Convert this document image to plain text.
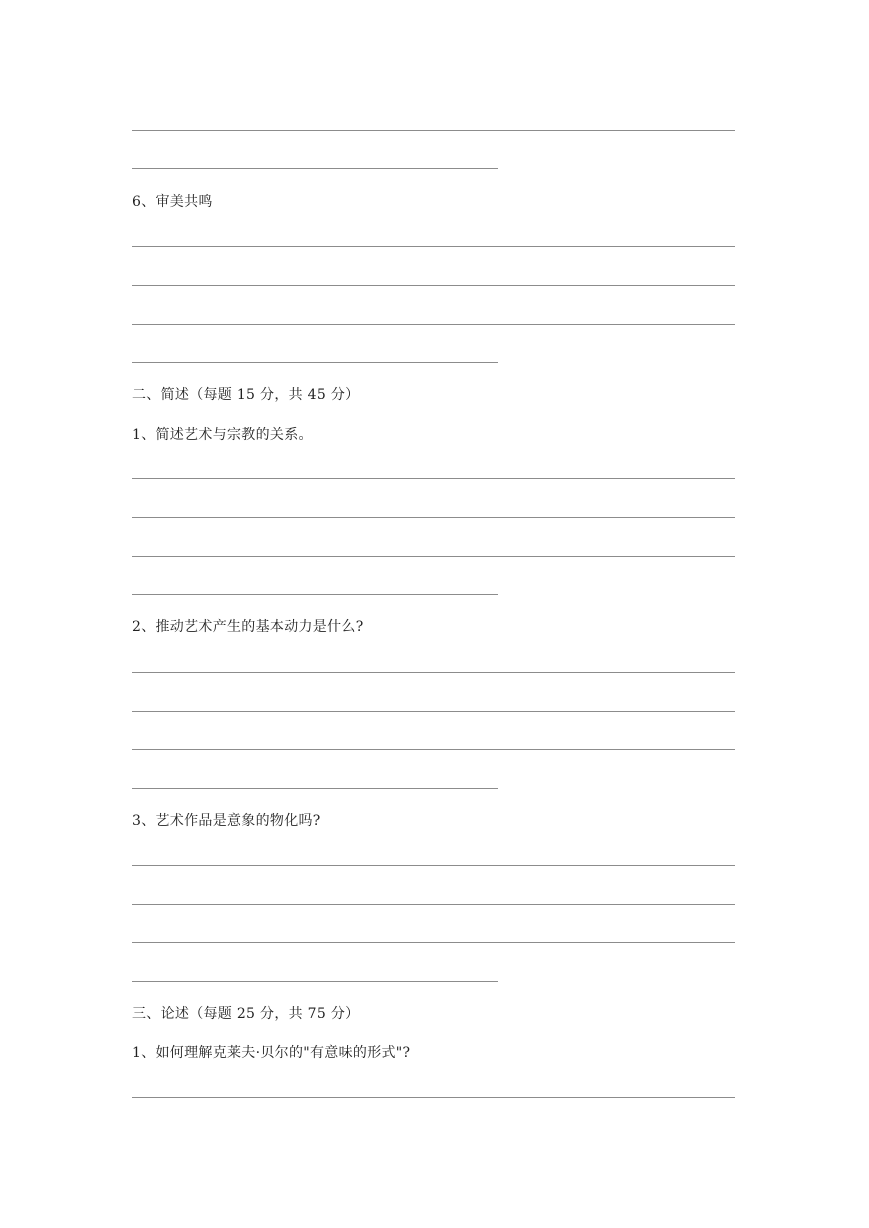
6、审美共鸣
二、简述（每题 15 分，共 45 分）
1、简述艺术与宗教的关系。
2、推动艺术产生的基本动力是什么?
3、艺术作品是意象的物化吗?
三、论述（每题 25 分，共 75 分）
1、如何理解克莱夫·贝尔的"有意味的形式"?
